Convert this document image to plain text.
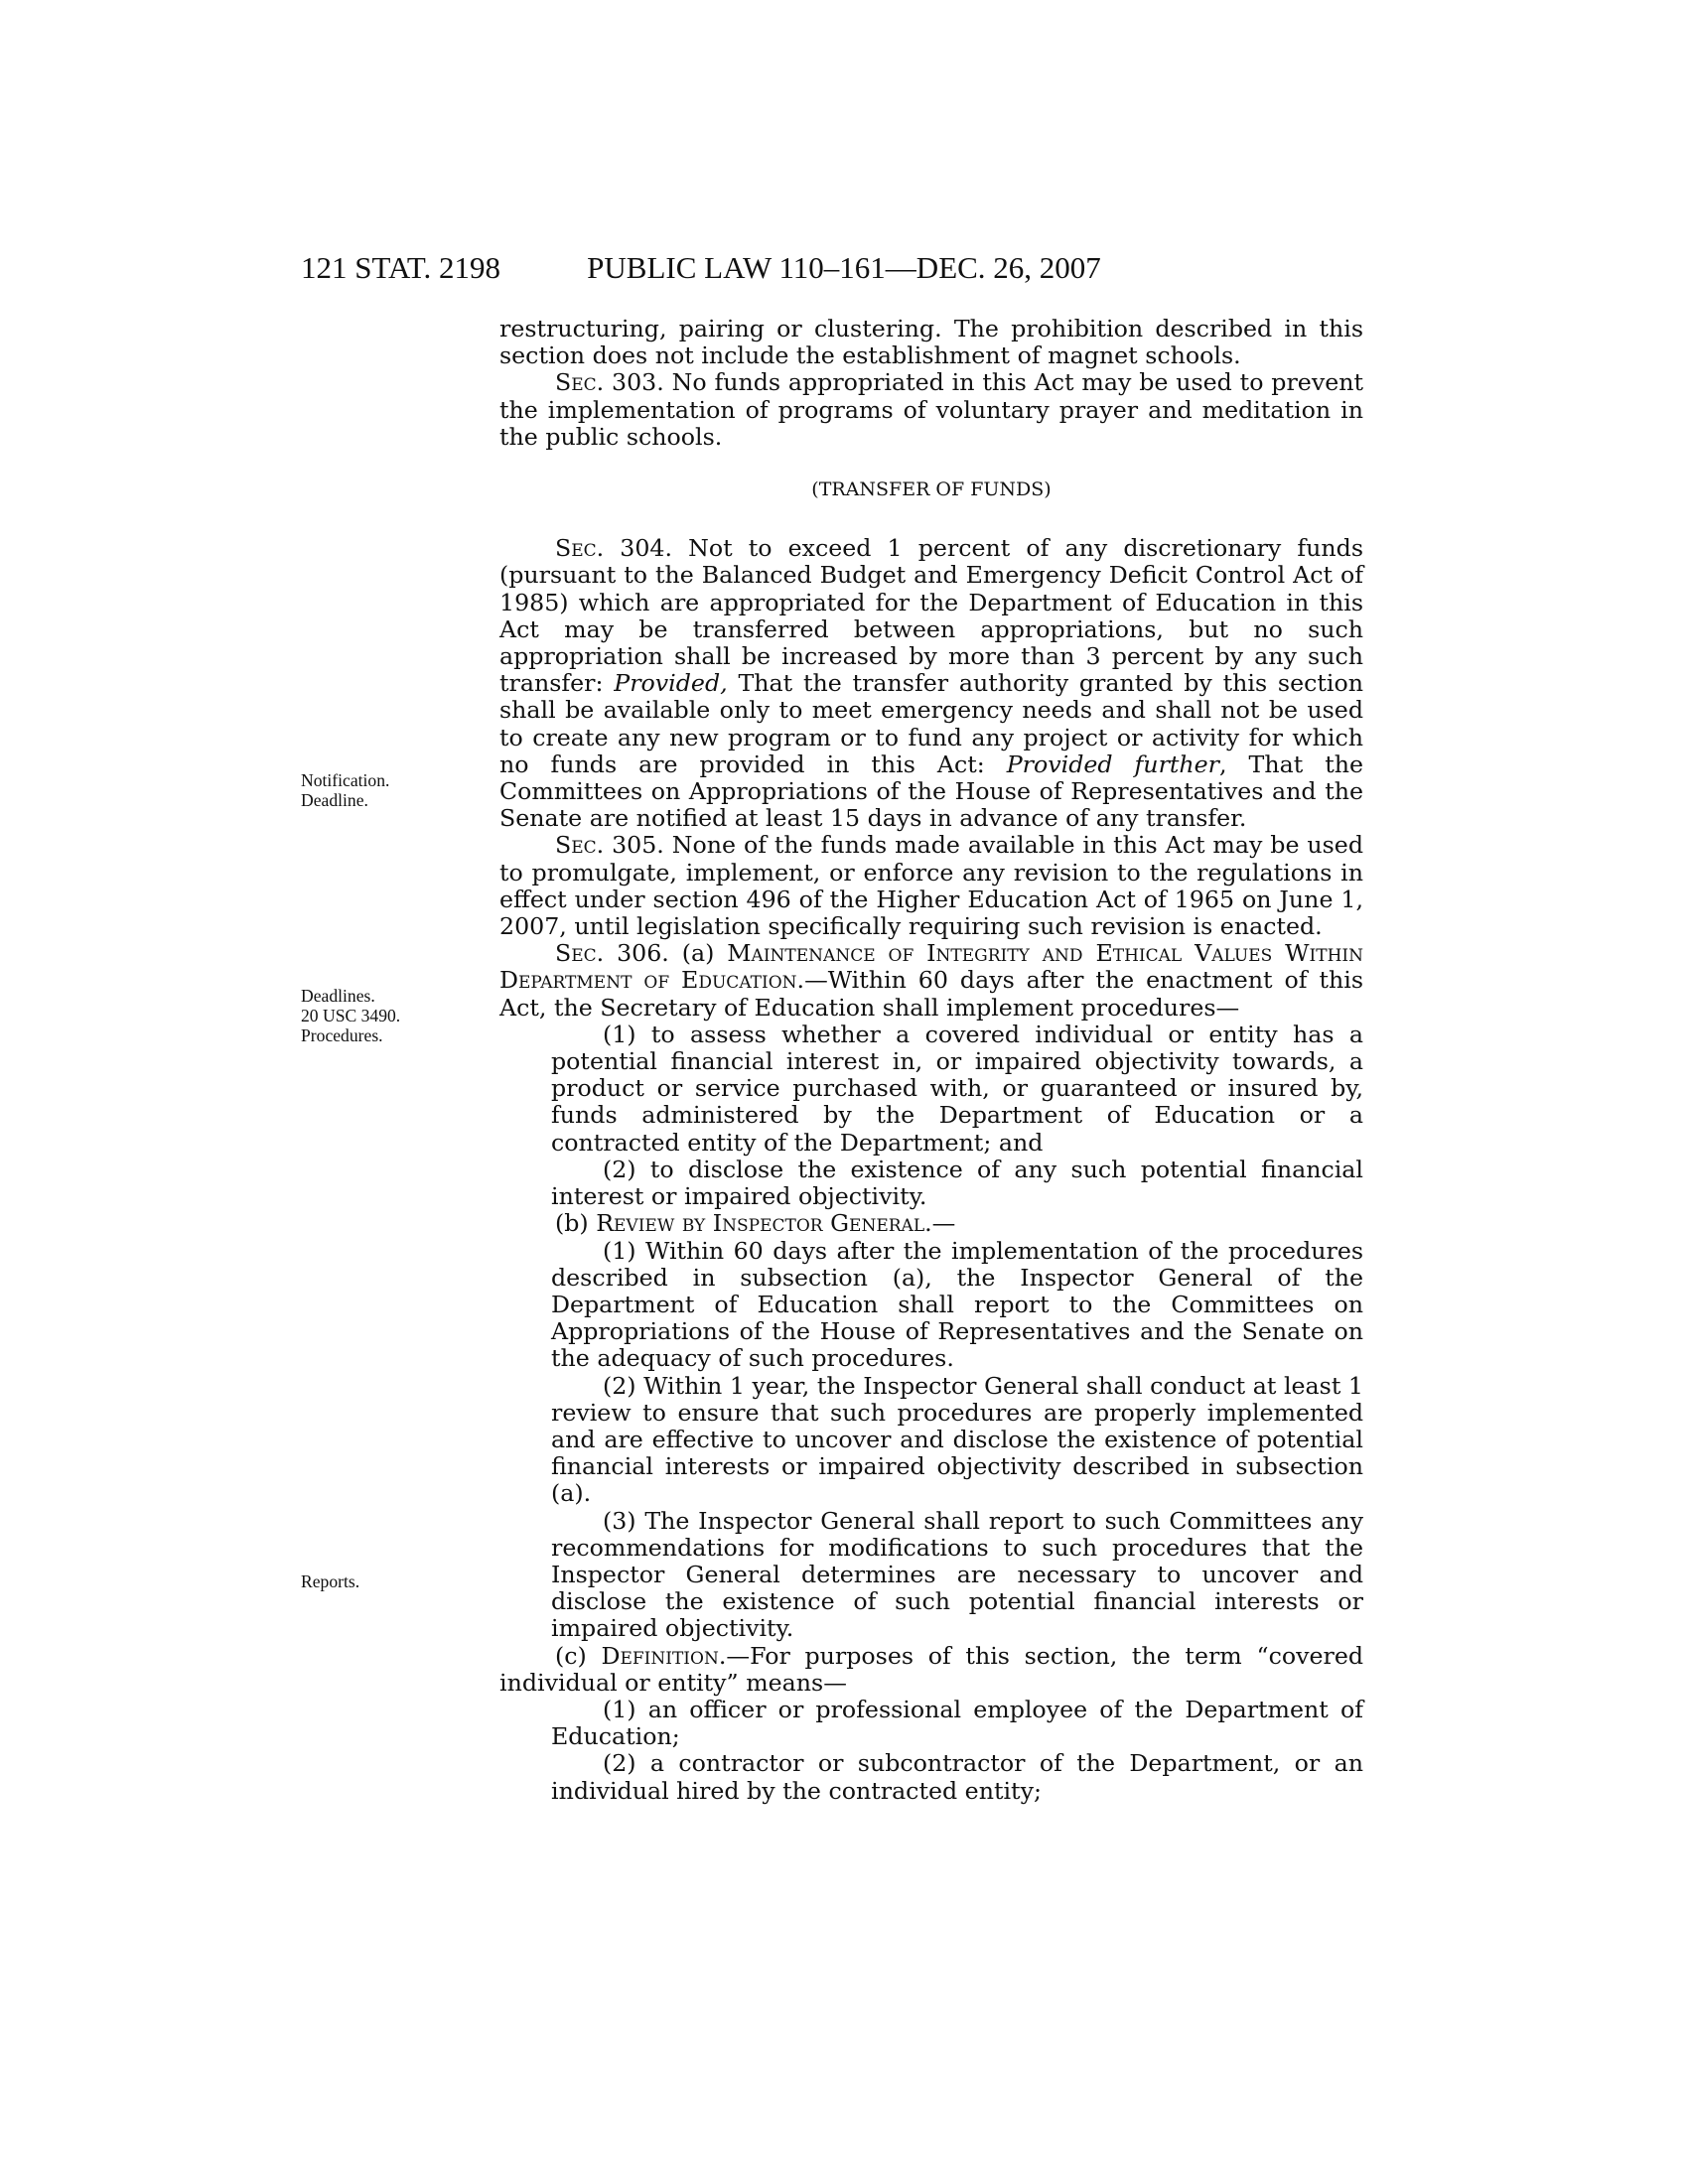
121 STAT. 2198	PUBLIC LAW 110–161—DEC. 26, 2007
Notification.
Deadline.
Deadlines.
20 USC 3490.
Procedures.
Reports.

restructuring, pairing or clustering. The prohibition described in this section does not include the establishment of magnet schools.

Sec. 303. No funds appropriated in this Act may be used to prevent the implementation of programs of voluntary prayer and meditation in the public schools.

(TRANSFER OF FUNDS)

Sec. 304. Not to exceed 1 percent of any discretionary funds (pursuant to the Balanced Budget and Emergency Deficit Control Act of 1985) which are appropriated for the Department of Education in this Act may be transferred between appropriations, but no such appropriation shall be increased by more than 3 percent by any such transfer: Provided, That the transfer authority granted by this section shall be available only to meet emergency needs and shall not be used to create any new program or to fund any project or activity for which no funds are provided in this Act: Provided further, That the Committees on Appropriations of the House of Representatives and the Senate are notified at least 15 days in advance of any transfer.

Sec. 305. None of the funds made available in this Act may be used to promulgate, implement, or enforce any revision to the regulations in effect under section 496 of the Higher Education Act of 1965 on June 1, 2007, until legislation specifically requiring such revision is enacted.

Sec. 306. (a) Maintenance of Integrity and Ethical Values Within Department of Education.—Within 60 days after the enactment of this Act, the Secretary of Education shall implement procedures—

(1) to assess whether a covered individual or entity has a potential financial interest in, or impaired objectivity towards, a product or service purchased with, or guaranteed or insured by, funds administered by the Department of Education or a contracted entity of the Department; and

(2) to disclose the existence of any such potential financial interest or impaired objectivity.

(b) Review by Inspector General.—

(1) Within 60 days after the implementation of the procedures described in subsection (a), the Inspector General of the Department of Education shall report to the Committees on Appropriations of the House of Representatives and the Senate on the adequacy of such procedures.

(2) Within 1 year, the Inspector General shall conduct at least 1 review to ensure that such procedures are properly implemented and are effective to uncover and disclose the existence of potential financial interests or impaired objectivity described in subsection (a).

(3) The Inspector General shall report to such Committees any recommendations for modifications to such procedures that the Inspector General determines are necessary to uncover and disclose the existence of such potential financial interests or impaired objectivity.

(c) Definition.—For purposes of this section, the term “covered individual or entity” means—

(1) an officer or professional employee of the Department of Education;

(2) a contractor or subcontractor of the Department, or an individual hired by the contracted entity;
